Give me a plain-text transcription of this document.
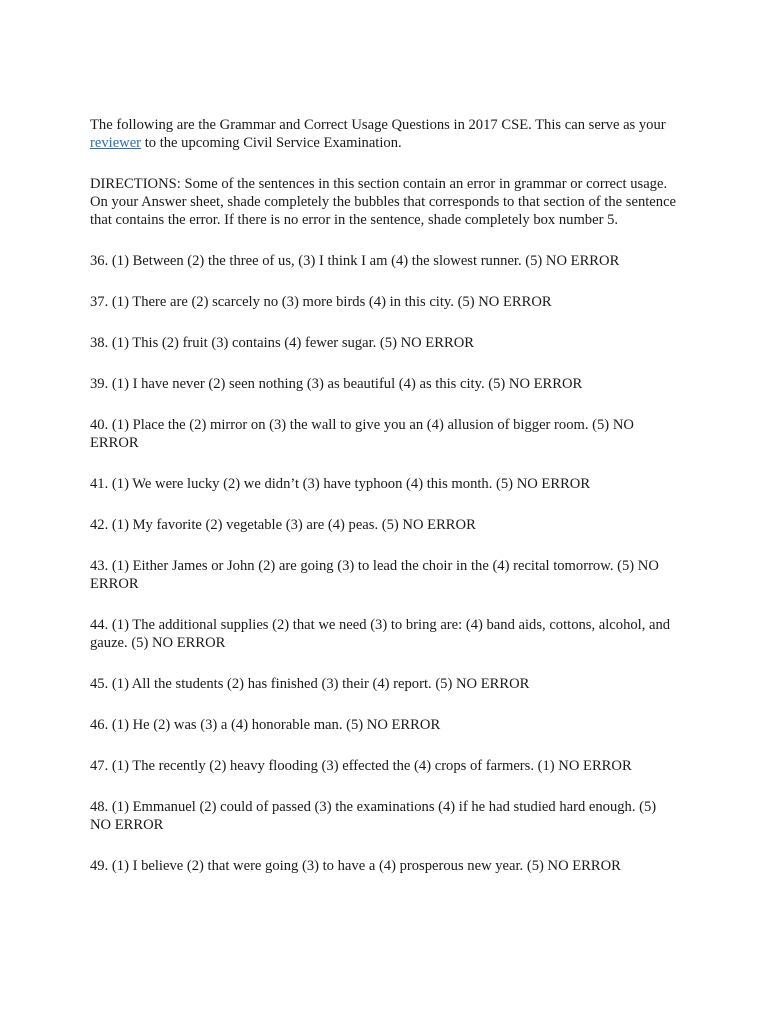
The following are the Grammar and Correct Usage Questions in 2017 CSE. This can serve as your reviewer to the upcoming Civil Service Examination.

DIRECTIONS: Some of the sentences in this section contain an error in grammar or correct usage. On your Answer sheet, shade completely the bubbles that corresponds to that section of the sentence that contains the error. If there is no error in the sentence, shade completely box number 5.

36. (1) Between (2) the three of us, (3) I think I am (4) the slowest runner. (5) NO ERROR

37. (1) There are (2) scarcely no (3) more birds (4) in this city. (5) NO ERROR

38. (1) This (2) fruit (3) contains (4) fewer sugar. (5) NO ERROR

39. (1) I have never (2) seen nothing (3) as beautiful (4) as this city. (5) NO ERROR

40. (1) Place the (2) mirror on (3) the wall to give you an (4) allusion of bigger room. (5) NO ERROR

41. (1) We were lucky (2) we didn’t (3) have typhoon (4) this month. (5) NO ERROR

42. (1) My favorite (2) vegetable (3) are (4) peas. (5) NO ERROR

43. (1) Either James or John (2) are going (3) to lead the choir in the (4) recital tomorrow. (5) NO ERROR

44. (1) The additional supplies (2) that we need (3) to bring are: (4) band aids, cottons, alcohol, and gauze. (5) NO ERROR

45. (1) All the students (2) has finished (3) their (4) report. (5) NO ERROR

46. (1) He (2) was (3) a (4) honorable man. (5) NO ERROR

47. (1) The recently (2) heavy flooding (3) effected the (4) crops of farmers. (1) NO ERROR

48. (1) Emmanuel (2) could of passed (3) the examinations (4) if he had studied hard enough. (5) NO ERROR

49. (1) I believe (2) that were going (3) to have a (4) prosperous new year. (5) NO ERROR
